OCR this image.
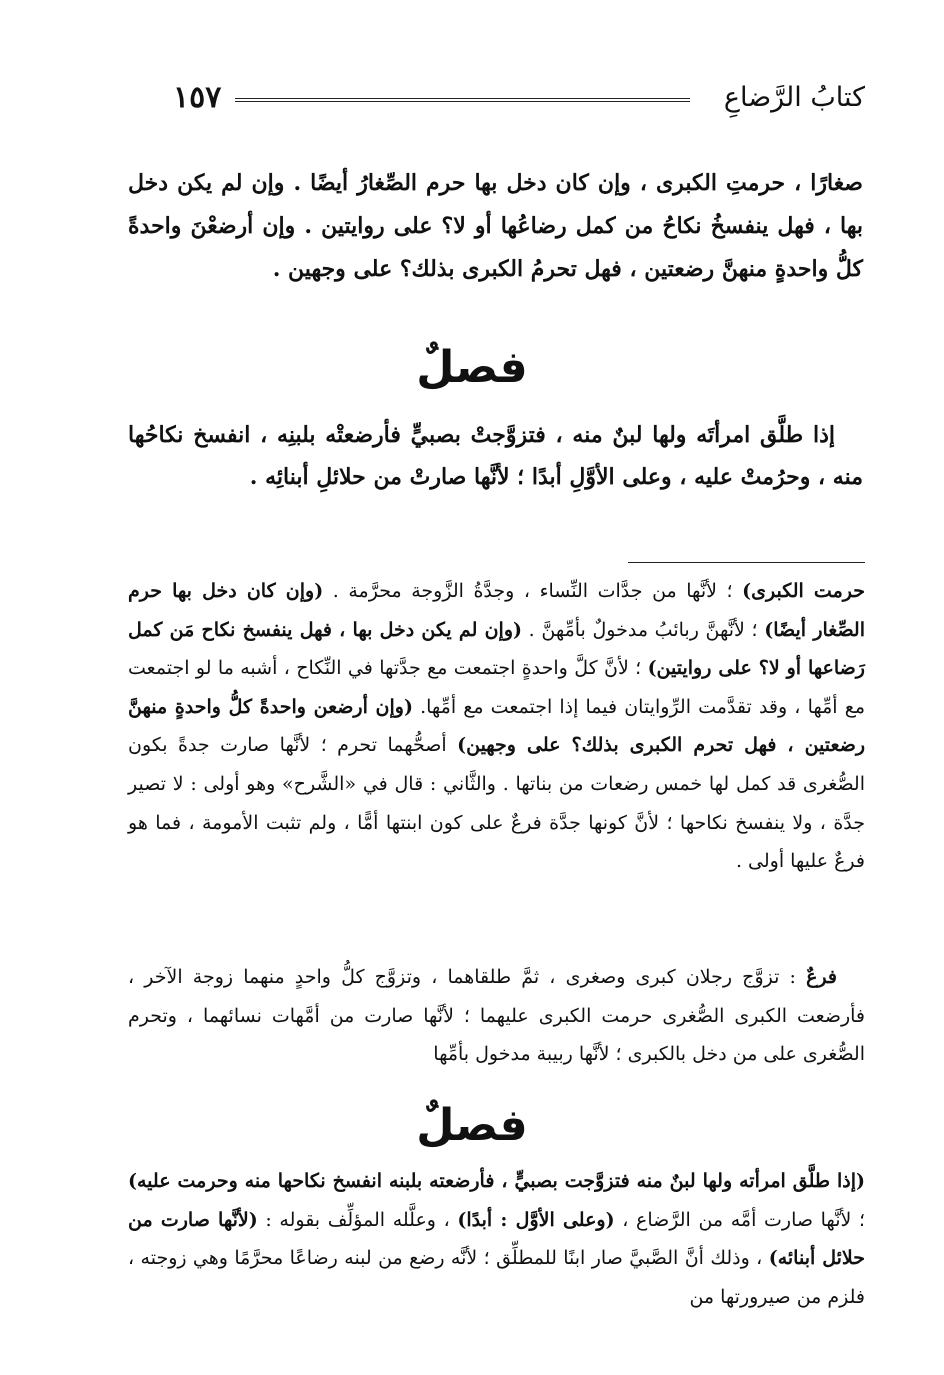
كتابُ الرَّضاعِ
١٥٧

صغارًا ، حرمتِ الكبرى ، وإن كان دخل بها حرم الصِّغارُ أيضًا . وإن لم يكن دخل بها ، فهل ينفسخُ نكاحُ من كمل رضاعُها أو لا؟ على روايتين . وإن أرضعْنَ واحدةً كلُّ واحدةٍ منهنَّ رضعتين ، فهل تحرمُ الكبرى بذلك؟ على وجهين .

فصلٌ

إذا طلَّق امرأتَه ولها لبنٌ منه ، فتزوَّجتْ بصبيٍّ فأرضعتْه بلبنِه ، انفسخ نكاحُها منه ، وحرُمتْ عليه ، وعلى الأوَّلِ أبدًا ؛ لأنَّها صارتْ من حلائلِ أبنائِه .

حرمت الكبرى) ؛ لأنَّها من جدَّات النِّساء ، وجدَّةُ الزَّوجة محرَّمة . (وإن كان دخل بها حرم الصِّغار أيضًا) ؛ لأنَّهنَّ ربائبُ مدخولٌ بأمِّهنَّ . (وإن لم يكن دخل بها ، فهل ينفسخ نكاح مَن كمل رَضاعها أو لا؟ على روايتين) ؛ لأنَّ كلَّ واحدةٍ اجتمعت مع جدَّتها في النِّكاح ، أشبه ما لو اجتمعت مع أمِّها ، وقد تقدَّمت الرِّوايتان فيما إذا اجتمعت مع أمِّها. (وإن أرضعن واحدةً كلُّ واحدةٍ منهنَّ رضعتين ، فهل تحرم الكبرى بذلك؟ على وجهين) أصحُّهما تحرم ؛ لأنَّها صارت جدةً بكون الصُّغرى قد كمل لها خمس رضعات من بناتها . والثَّاني : قال في «الشَّرح» وهو أولى : لا تصير جدَّة ، ولا ينفسخ نكاحها ؛ لأنَّ كونها جدَّة فرعٌ على كون ابنتها أمًّا ، ولم تثبت الأمومة ، فما هو فرعٌ عليها أولى .

فرعٌ : تزوَّج رجلان كبرى وصغرى ، ثمَّ طلقاهما ، وتزوَّج كلُّ واحدٍ منهما زوجة الآخر ، فأرضعت الكبرى الصُّغرى حرمت الكبرى عليهما ؛ لأنَّها صارت من أمَّهات نسائهما ، وتحرم الصُّغرى على من دخل بالكبرى ؛ لأنَّها ربيبة مدخول بأمِّها

فصلٌ

(إذا طلَّق امرأته ولها لبنٌ منه فتزوَّجت بصبيٍّ ، فأرضعته بلبنه انفسخ نكاحها منه وحرمت عليه) ؛ لأنَّها صارت أمَّه من الرَّضاع ، (وعلى الأوَّل : أبدًا) ، وعلَّله المؤلِّف بقوله : (لأنَّها صارت من حلائل أبنائه) ، وذلك أنَّ الصَّبيَّ صار ابنًا للمطلِّق ؛ لأنَّه رضع من لبنه رضاعًا محرَّمًا وهي زوجته ، فلزم من صيرورتها من
